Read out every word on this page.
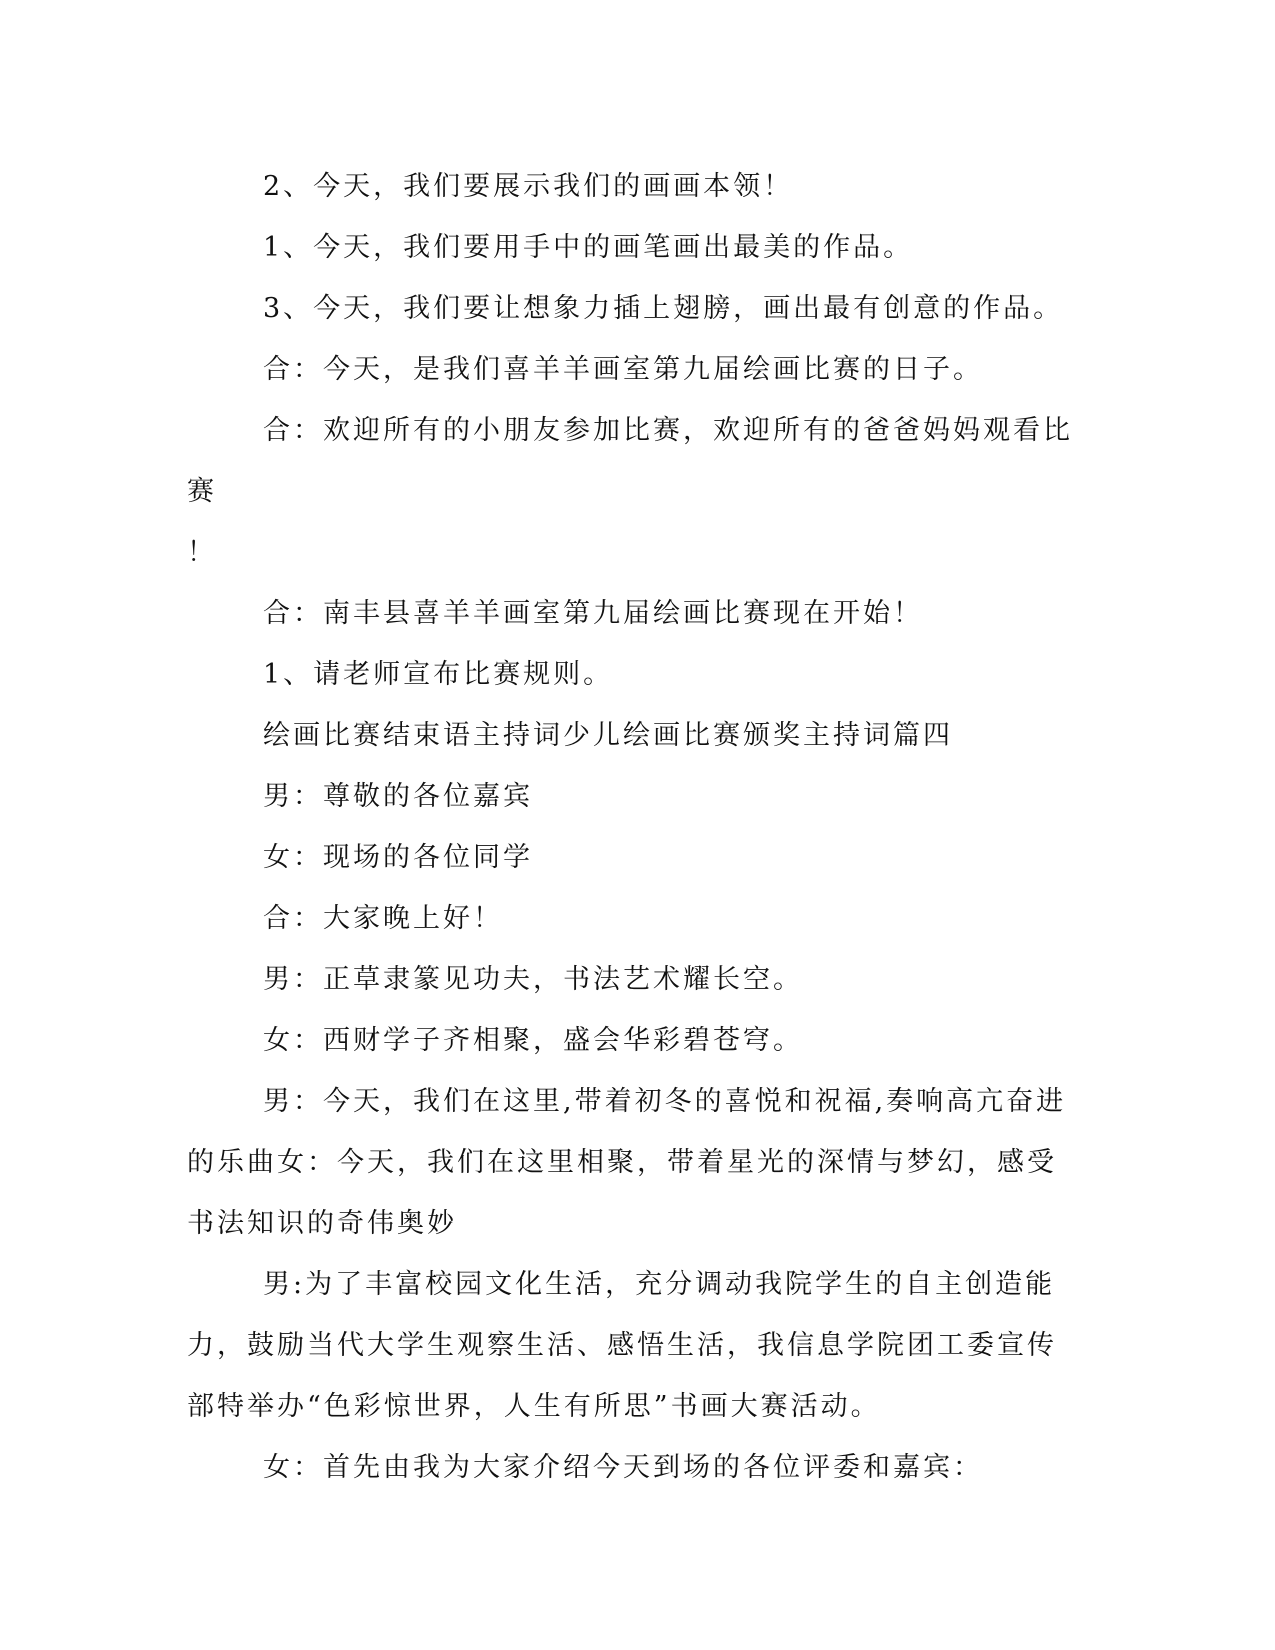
2、今天，我们要展示我们的画画本领！

1、今天，我们要用手中的画笔画出最美的作品。

3、今天，我们要让想象力插上翅膀，画出最有创意的作品。

合：今天，是我们喜羊羊画室第九届绘画比赛的日子。

合：欢迎所有的小朋友参加比赛，欢迎所有的爸爸妈妈观看比赛

！

合：南丰县喜羊羊画室第九届绘画比赛现在开始！

1、请老师宣布比赛规则。

绘画比赛结束语主持词少儿绘画比赛颁奖主持词篇四

男：尊敬的各位嘉宾

女：现场的各位同学

合：大家晚上好！

男：正草隶篆见功夫，书法艺术耀长空。

女：西财学子齐相聚，盛会华彩碧苍穹。

男：今天，我们在这里,带着初冬的喜悦和祝福,奏响高亢奋进的乐曲女：今天，我们在这里相聚，带着星光的深情与梦幻，感受书法知识的奇伟奥妙

男:为了丰富校园文化生活，充分调动我院学生的自主创造能力，鼓励当代大学生观察生活、感悟生活，我信息学院团工委宣传部特举办“色彩惊世界，人生有所思”书画大赛活动。

女：首先由我为大家介绍今天到场的各位评委和嘉宾：
